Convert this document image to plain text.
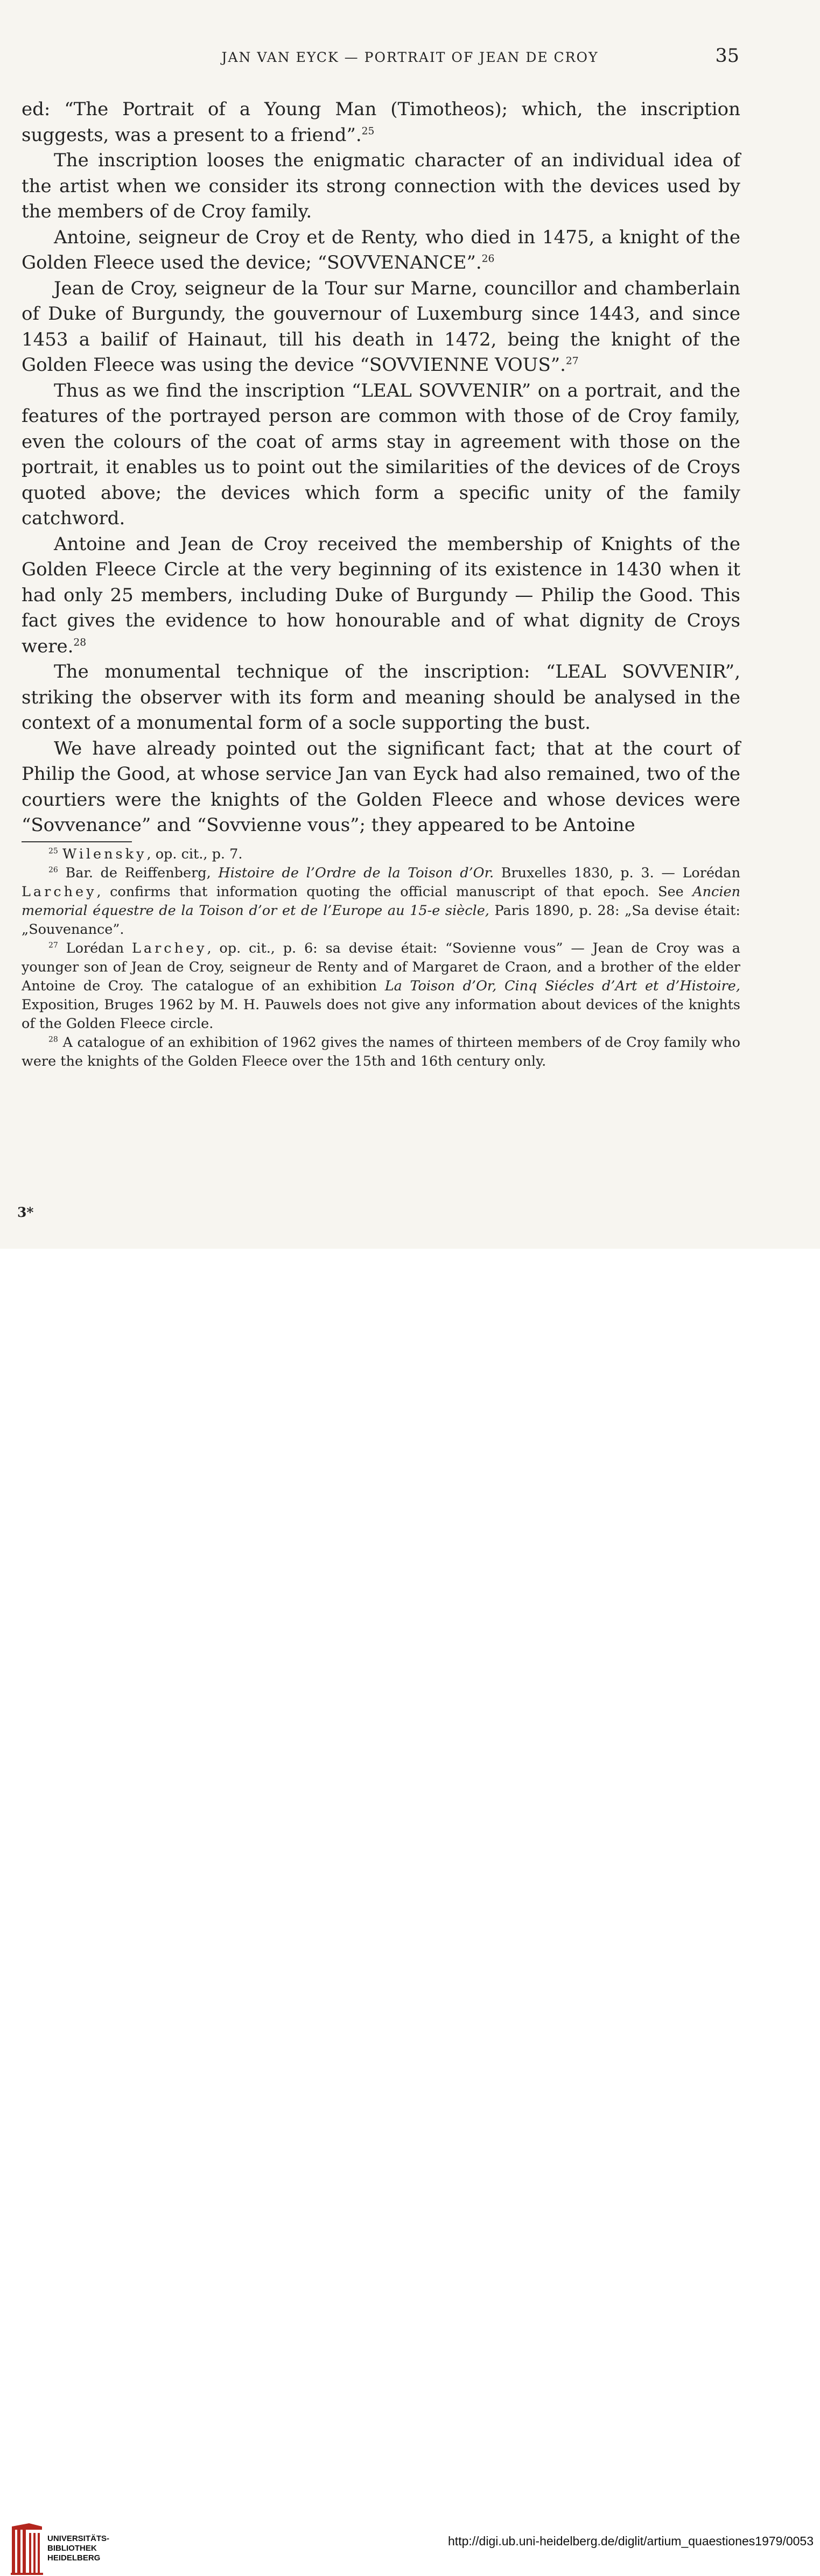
JAN VAN EYCK — PORTRAIT OF JEAN DE CROY	35

ed: “The Portrait of a Young Man (Timotheos); which, the inscription suggests, was a present to a friend”.$^{25}$

The inscription looses the enigmatic character of an individual idea of the artist when we consider its strong connection with the devices used by the members of de Croy family.

Antoine, seigneur de Croy et de Renty, who died in 1475, a knight of the Golden Fleece used the device; “SOVVENANCE”.$^{26}$

Jean de Croy, seigneur de la Tour sur Marne, councillor and chamberlain of Duke of Burgundy, the gouvernour of Luxemburg since 1443, and since 1453 a bailif of Hainaut, till his death in 1472, being the knight of the Golden Fleece was using the device “SOVVIENNE VOUS”.$^{27}$

Thus as we find the inscription “LEAL SOVVENIR” on a portrait, and the features of the portrayed person are common with those of de Croy family, even the colours of the coat of arms stay in agreement with those on the portrait, it enables us to point out the similarities of the devices of de Croys quoted above; the devices which form a specific unity of the family catchword.

Antoine and Jean de Croy received the membership of Knights of the Golden Fleece Circle at the very beginning of its existence in 1430 when it had only 25 members, including Duke of Burgundy — Philip the Good. This fact gives the evidence to how honourable and of what dignity de Croys were.$^{28}$

The monumental technique of the inscription: “LEAL SOVVENIR”, striking the observer with its form and meaning should be analysed in the context of a monumental form of a socle supporting the bust.

We have already pointed out the significant fact; that at the court of Philip the Good, at whose service Jan van Eyck had also remained, two of the courtiers were the knights of the Golden Fleece and whose devices were “Sovvenance” and “Sovvienne vous”; they appeared to be Antoine

$^{25}$ Wilensky, op. cit., p. 7.

$^{26}$ Bar. de Reiffenberg, Histoire de l’Ordre de la Toison d’Or. Bruxelles 1830, p. 3. — Lorédan Larchey, confirms that information quoting the official manuscript of that epoch. See Ancien memorial équestre de la Toison d’or et de l’Europe au 15-e siècle, Paris 1890, p. 28: „Sa devise était: „Souvenance”.

$^{27}$ Lorédan Larchey, op. cit., p. 6: sa devise était: “Sovienne vous” — Jean de Croy was a younger son of Jean de Croy, seigneur de Renty and of Margaret de Craon, and a brother of the elder Antoine de Croy. The catalogue of an exhibition La Toison d’Or, Cinq Siécles d’Art et d’Histoire, Exposition, Bruges 1962 by M. H. Pauwels does not give any information about devices of the knights of the Golden Fleece circle.

$^{28}$ A catalogue of an exhibition of 1962 gives the names of thirteen members of de Croy family who were the knights of the Golden Fleece over the 15th and 16th century only.

3*
UNIVERSITÄTS-
BIBLIOTHEK
HEIDELBERG
http://digi.ub.uni-heidelberg.de/diglit/artium_quaestiones1979/0053
